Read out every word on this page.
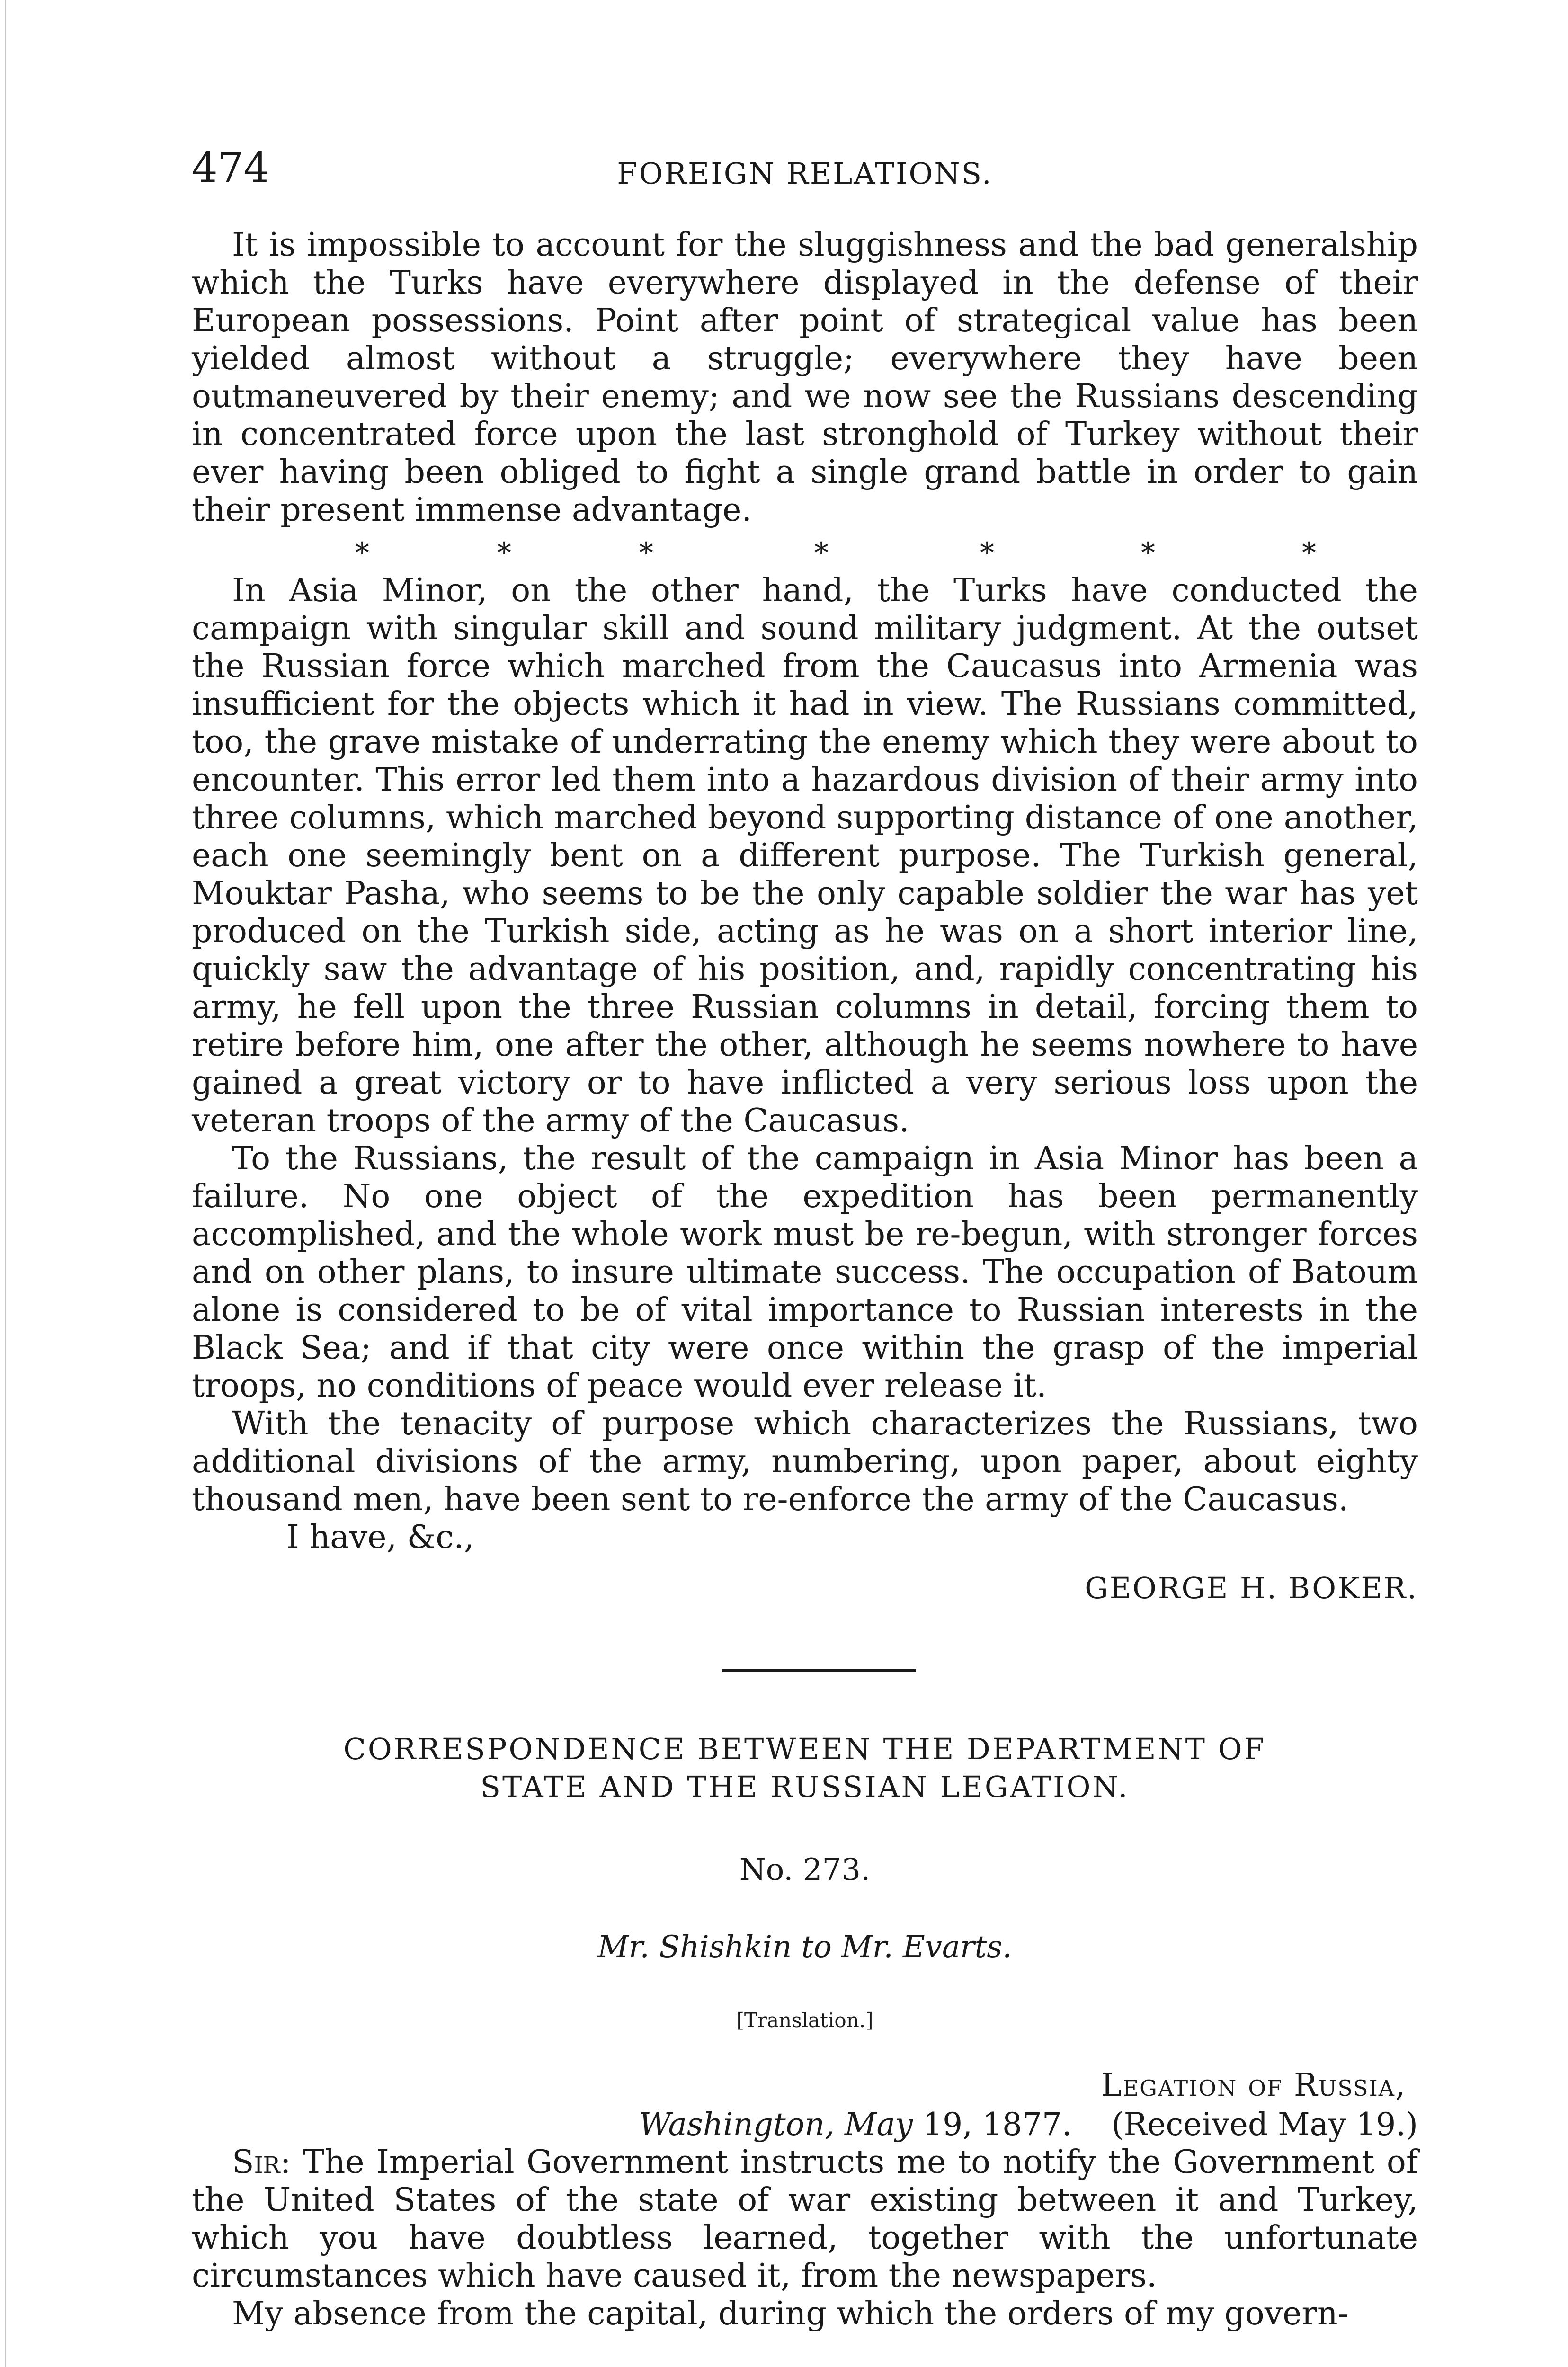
474	FOREIGN RELATIONS.

It is impossible to account for the sluggishness and the bad generalship which the Turks have everywhere displayed in the defense of their European possessions. Point after point of strategical value has been yielded almost without a struggle; everywhere they have been outmaneuvered by their enemy; and we now see the Russians descending in concentrated force upon the last stronghold of Turkey without their ever having been obliged to fight a single grand battle in order to gain their present immense advantage.

*	*	*	*	*	*	*

In Asia Minor, on the other hand, the Turks have conducted the campaign with singular skill and sound military judgment. At the outset the Russian force which marched from the Caucasus into Armenia was insufficient for the objects which it had in view. The Russians committed, too, the grave mistake of underrating the enemy which they were about to encounter. This error led them into a hazardous division of their army into three columns, which marched beyond supporting distance of one another, each one seemingly bent on a different purpose. The Turkish general, Mouktar Pasha, who seems to be the only capable soldier the war has yet produced on the Turkish side, acting as he was on a short interior line, quickly saw the advantage of his position, and, rapidly concentrating his army, he fell upon the three Russian columns in detail, forcing them to retire before him, one after the other, although he seems nowhere to have gained a great victory or to have inflicted a very serious loss upon the veteran troops of the army of the Caucasus.

To the Russians, the result of the campaign in Asia Minor has been a failure. No one object of the expedition has been permanently accomplished, and the whole work must be re-begun, with stronger forces and on other plans, to insure ultimate success. The occupation of Batoum alone is considered to be of vital importance to Russian interests in the Black Sea; and if that city were once within the grasp of the imperial troops, no conditions of peace would ever release it.

With the tenacity of purpose which characterizes the Russians, two additional divisions of the army, numbering, upon paper, about eighty thousand men, have been sent to re-enforce the army of the Caucasus.

I have, &c.,
GEORGE H. BOKER.
CORRESPONDENCE BETWEEN THE DEPARTMENT OF
STATE AND THE RUSSIAN LEGATION.
No. 273.
Mr. Shishkin to Mr. Evarts.
[Translation.]
Legation of Russia,
Washington, May 19, 1877.    (Received May 19.)

Sir: The Imperial Government instructs me to notify the Government of the United States of the state of war existing between it and Turkey, which you have doubtless learned, together with the unfortunate circumstances which have caused it, from the newspapers.

My absence from the capital, during which the orders of my govern-
